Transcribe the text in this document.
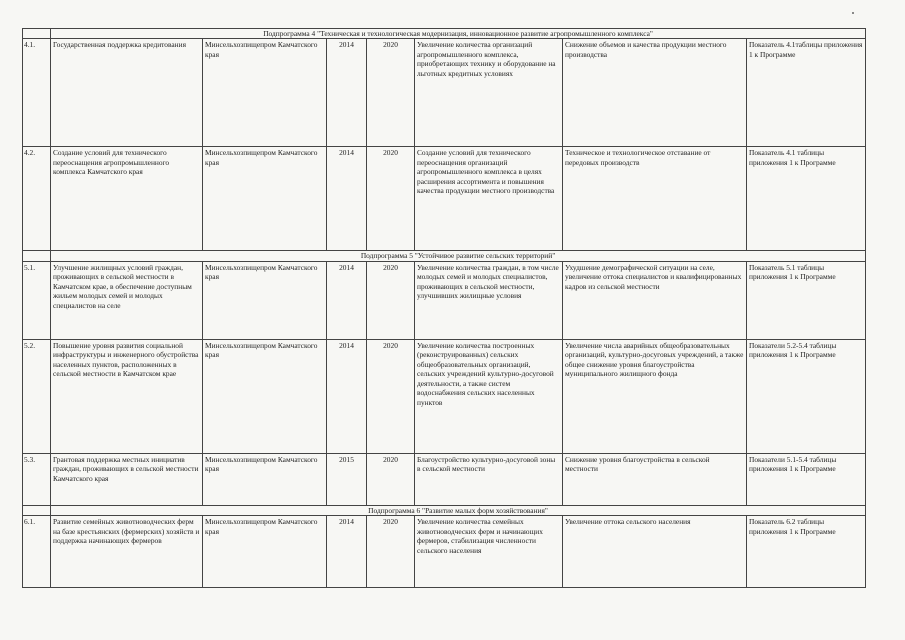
	Подпрограмма 4 "Техническая и технологическая модернизация, инновационное развитие агропромышленного комплекса"						
4.1.	Государственная поддержка кредитования	Минсельхозпищепром Камчатского края	2014	2020	Увеличение количества организаций агропромышленного комплекса, приобретающих технику и оборудование на льготных кредитных условиях	Снижение объемов и качества продукции местного производства	Показатель 4.1таблицы приложения 1 к Программе
4.2.	Создание условий для технического переоснащения агропромышленного комплекса Камчатского края	Минсельхозпищепром Камчатского края	2014	2020	Создание условий для технического переоснащения организаций агропромышленного комплекса в целях расширения ассортимента и повышения качества продукции местного производства	Техническое и технологическое отставание от передовых производств	Показатель 4.1 таблицы приложения 1 к Программе
	Подпрограмма 5 "Устойчивое развитие сельских территорий"						
5.1.	Улучшение жилищных условий граждан, проживающих в сельской местности в Камчатском крае, в обеспечение доступным жильем молодых семей и молодых специалистов на селе	Минсельхозпищепром Камчатского края	2014	2020	Увеличение количества граждан, в том числе молодых семей и молодых специалистов, проживающих в сельской местности, улучшивших жилищные условия	Ухудшение демографической ситуации на селе, увеличение оттока специалистов и квалифицированных кадров из сельской местности	Показатель 5.1 таблицы приложения 1 к Программе
5.2.	Повышение уровня развития социальной инфраструктуры и инженерного обустройства населенных пунктов, расположенных в сельской местности в Камчатском крае	Минсельхозпищепром Камчатского края	2014	2020	Увеличение количества построенных (реконструированных) сельских общеобразовательных организаций, сельских учреждений культурно-досуговой деятельности, а также систем водоснабжения сельских населенных пунктов	Увеличение числа аварийных общеобразовательных организаций, культурно-досуговых учреждений, а также общее снижение уровня благоустройства муниципального жилищного фонда	Показатели 5.2-5.4 таблицы приложения 1 к Программе
5.3.	Грантовая поддержка местных инициатив граждан, проживающих в сельской местности Камчатского края	Минсельхозпищепром Камчатского края	2015	2020	Благоустройство культурно-досуговой зоны в сельской местности	Снижение уровня благоустройства в сельской местности	Показатели 5.1-5.4 таблицы приложения 1 к Программе
	Подпрограмма 6 "Развитие малых форм хозяйствования"						
6.1.	Развитие семейных животноводческих ферм на базе крестьянских (фермерских) хозяйств и поддержка начинающих фермеров	Минсельхозпищепром Камчатского края	2014	2020	Увеличение количества семейных животноводческих ферм и начинающих фермеров, стабилизация численности сельского населения	Увеличение оттока сельского населения	Показатель 6.2 таблицы приложения 1 к Программе
